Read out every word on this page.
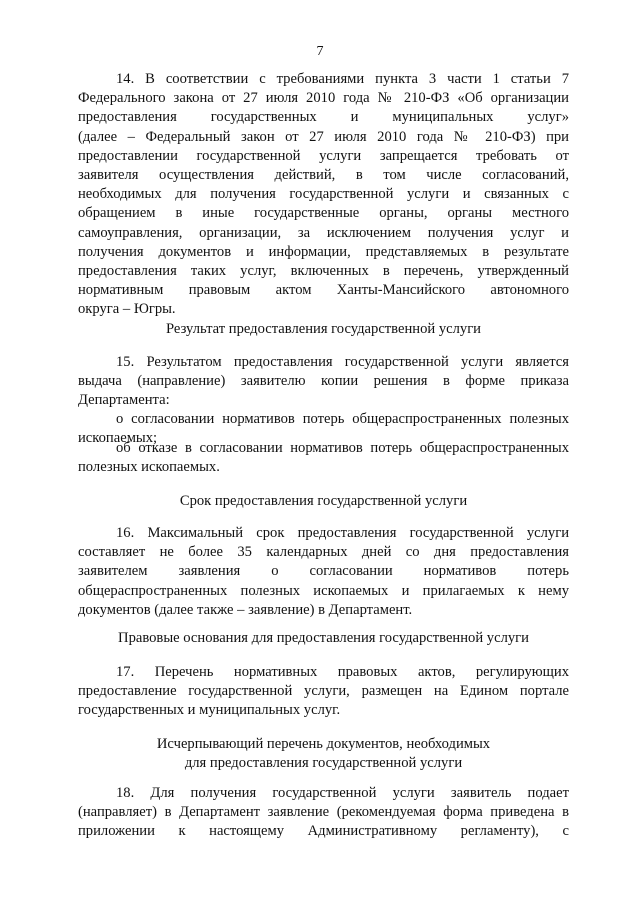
7
14. В соответствии с требованиями пункта 3 части 1 статьи 7
Федерального закона от 27 июля 2010 года № 210-ФЗ «Об организации
предоставления государственных и муниципальных услуг»
(далее – Федеральный закон от 27 июля 2010 года № 210-ФЗ) при
предоставлении государственной услуги запрещается требовать от
заявителя осуществления действий, в том числе согласований,
необходимых для получения государственной услуги и связанных с
обращением в иные государственные органы, органы местного
самоуправления, организации, за исключением получения услуг и
получения документов и информации, представляемых в результате
предоставления таких услуг, включенных в перечень, утвержденный
нормативным правовым актом Ханты-Мансийского автономного
округа – Югры.
Результат предоставления государственной услуги
15. Результатом предоставления государственной услуги является
выдача (направление) заявителю копии решения в форме приказа
Департамента:
о согласовании нормативов потерь общераспространенных полезных
ископаемых;
об отказе в согласовании нормативов потерь общераспространенных
полезных ископаемых.
Срок предоставления государственной услуги
16. Максимальный срок предоставления государственной услуги
составляет не более 35 календарных дней со дня предоставления
заявителем заявления о согласовании нормативов потерь
общераспространенных полезных ископаемых и прилагаемых к нему
документов (далее также – заявление) в Департамент.
Правовые основания для предоставления государственной услуги
17. Перечень нормативных правовых актов, регулирующих
предоставление государственной услуги, размещен на Едином портале
государственных и муниципальных услуг.
Исчерпывающий перечень документов, необходимых
для предоставления государственной услуги
18. Для получения государственной услуги заявитель подает
(направляет) в Департамент заявление (рекомендуемая форма приведена в
приложении к настоящему Административному регламенту), с
